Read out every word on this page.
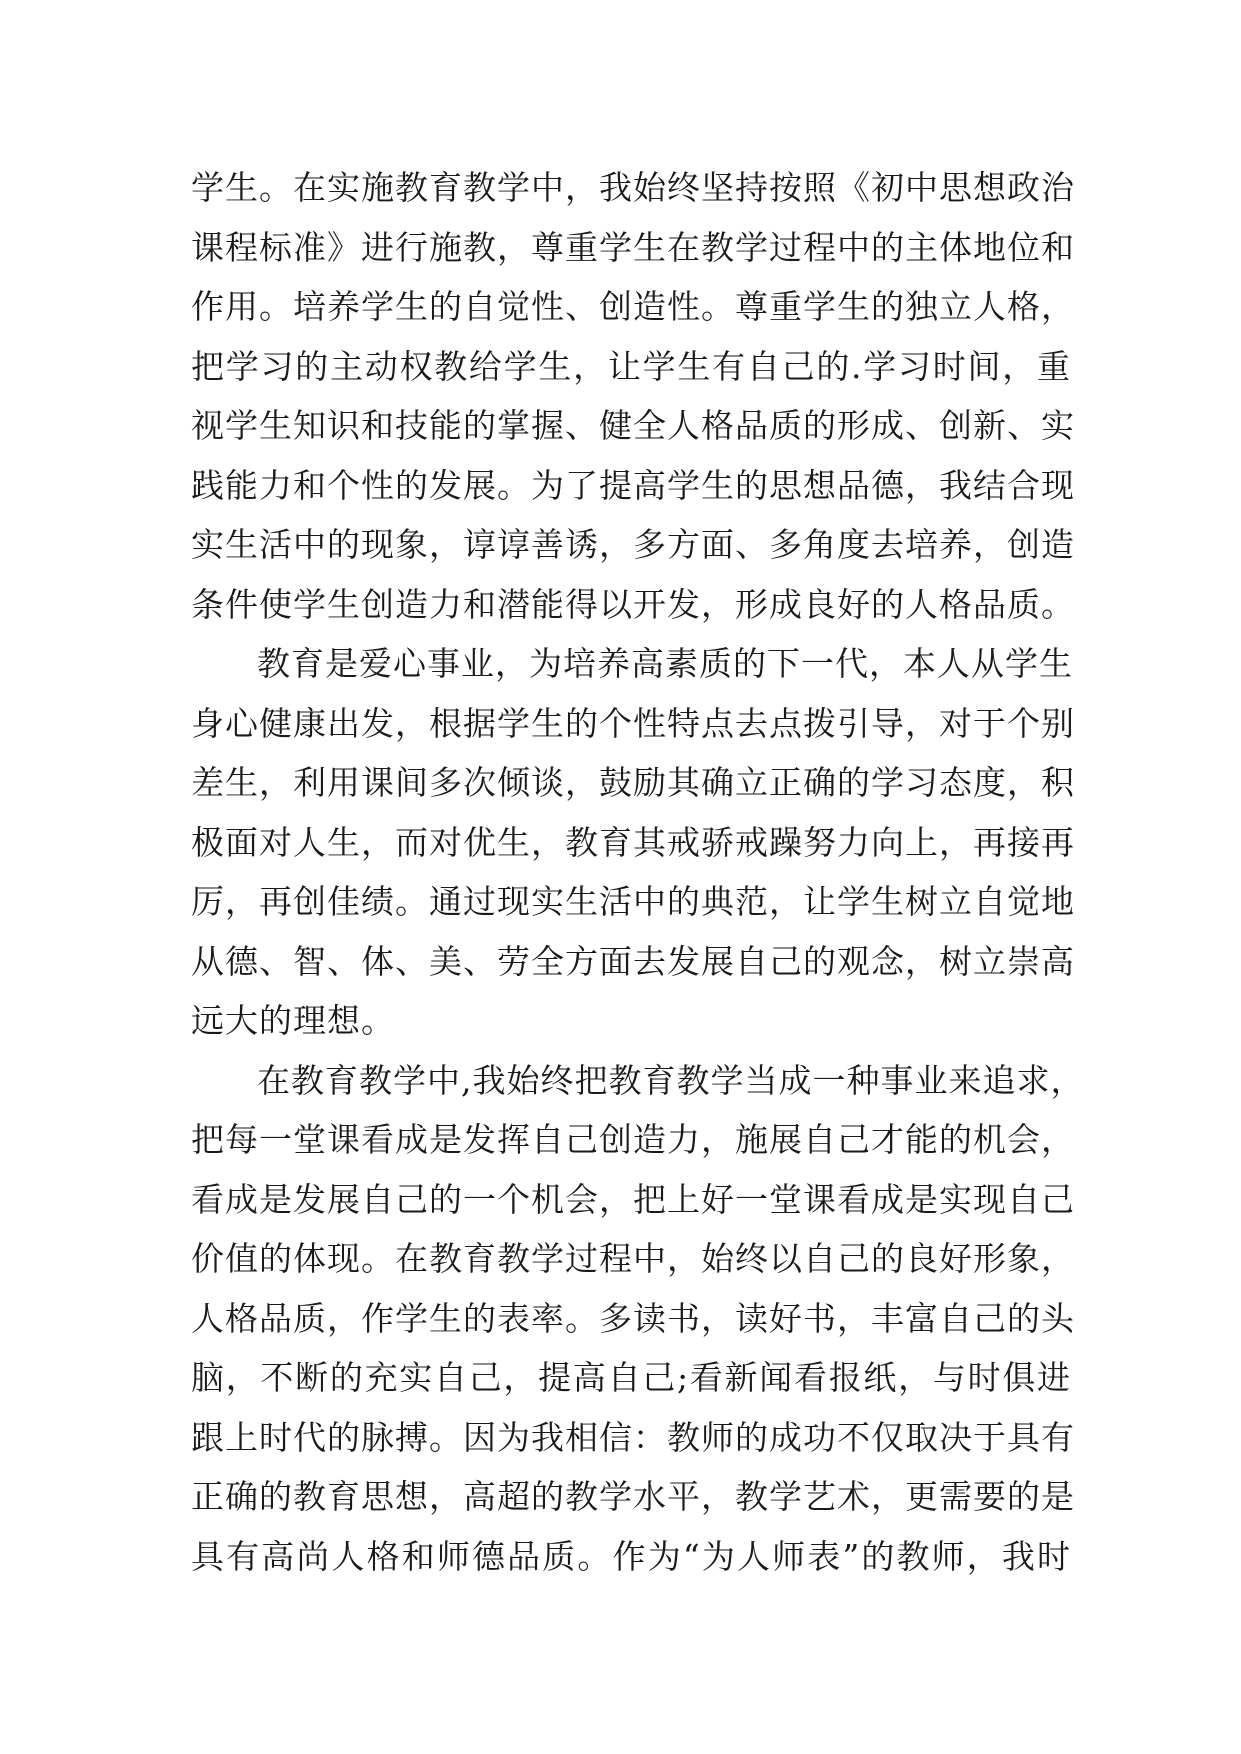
学生。在实施教育教学中，我始终坚持按照《初中思想政治
课程标准》进行施教，尊重学生在教学过程中的主体地位和
作用。培养学生的自觉性、创造性。尊重学生的独立人格，
把学习的主动权教给学生，让学生有自己的.学习时间，重
视学生知识和技能的掌握、健全人格品质的形成、创新、实
践能力和个性的发展。为了提高学生的思想品德，我结合现
实生活中的现象，谆谆善诱，多方面、多角度去培养，创造
条件使学生创造力和潜能得以开发，形成良好的人格品质。
教育是爱心事业，为培养高素质的下一代，本人从学生
身心健康出发，根据学生的个性特点去点拨引导，对于个别
差生，利用课间多次倾谈，鼓励其确立正确的学习态度，积
极面对人生，而对优生，教育其戒骄戒躁努力向上，再接再
厉，再创佳绩。通过现实生活中的典范，让学生树立自觉地
从德、智、体、美、劳全方面去发展自己的观念，树立崇高
远大的理想。
在教育教学中,我始终把教育教学当成一种事业来追求，
把每一堂课看成是发挥自己创造力，施展自己才能的机会，
看成是发展自己的一个机会，把上好一堂课看成是实现自己
价值的体现。在教育教学过程中，始终以自己的良好形象，
人格品质，作学生的表率。多读书，读好书，丰富自己的头
脑，不断的充实自己，提高自己;看新闻看报纸，与时俱进
跟上时代的脉搏。因为我相信：教师的成功不仅取决于具有
正确的教育思想，高超的教学水平，教学艺术，更需要的是
具有高尚人格和师德品质。作为“为人师表”的教师，我时
